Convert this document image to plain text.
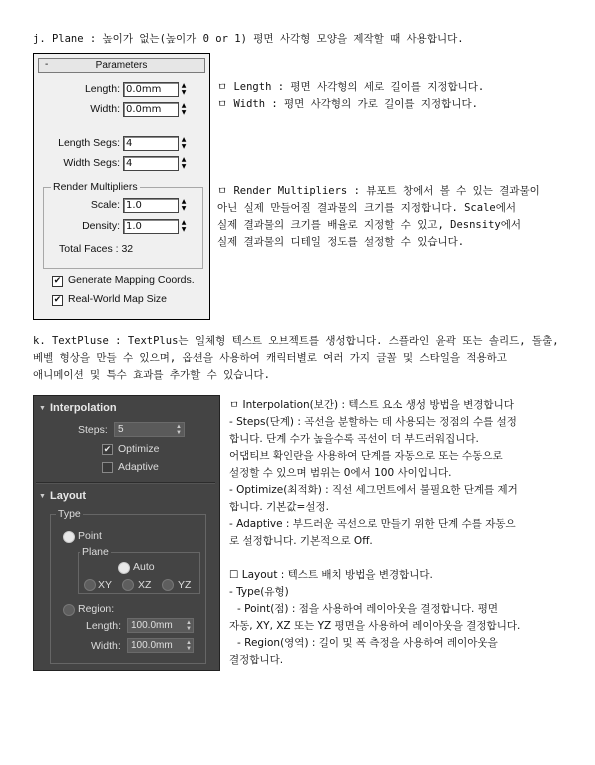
j. Plane : 높이가 없는(높이가 0 or 1) 평면 사각형 모양을 제작할 때 사용합니다.
-	Parameters
Length: 0.0mm	▲
▼
Width: 0.0mm	▲
▼
Length Segs: 4	▲
▼
Width Segs: 4	▲
▼
Render Multipliers
Scale: 1.0	▲
▼
Density: 1.0	▲
▼
Total Faces : 32
✔ Generate Mapping Coords.
✔ Real-World Map Size
ㅁ Length : 평면 사각형의 세로 길이를 지정합니다.
ㅁ Width : 평면 사각형의 가로 길이를 지정합니다.
ㅁ Render Multipliers : 뷰포트 창에서 볼 수 있는 결과물이
아닌 실제 만들어질 결과물의 크기를 지정합니다. Scale에서
실제 결과물의 크기를 배율로 지정할 수 있고, Desnsity에서
실제 결과물의 디테일 정도를 설정할 수 있습니다.
k. TextPluse : TextPlus는 일체형 텍스트 오브젝트를 생성합니다. 스플라인 윤곽 또는 솔리드, 돌출,
베벨 형상을 만들 수 있으며, 옵션을 사용하여 캐릭터별로 여러 가지 글꼴 및 스타일을 적용하고
애니메이션 및 특수 효과를 추가할 수 있습니다.
▼ Interpolation
Steps:	5	▲
▼
✔ Optimize
Adaptive
▼ Layout
Type
Point
Plane
Auto
XY XZ	YZ
Region:
Length: 100.0mm	▲
▼
Width:	100.0mm	▲
▼
ㅁ Interpolation(보간) : 텍스트 요소 생성 방법을 변경합니다
- Steps(단계) : 곡선을 분할하는 데 사용되는 정점의 수를 설정
합니다. 단계 수가 높을수록 곡선이 더 부드러워집니다.
어댑티브 확인란을 사용하여 단계를 자동으로 또는 수동으로
설정할 수 있으며 범위는 0에서 100 사이입니다.
- Optimize(최적화) : 직선 세그먼트에서 불필요한 단계를 제거
합니다. 기본값=설정.
- Adaptive : 부드러운 곡선으로 만들기 위한 단계 수를 자동으
로 설정합니다. 기본적으로 Off.
☐ Layout : 텍스트 배치 방법을 변경합니다.
- Type(유형)
- Point(점) : 점을 사용하여 레이아웃을 결정합니다. 평면
자동, XY, XZ 또는 YZ 평면을 사용하여 레이아웃을 결정합니다.
- Region(영역) : 길이 및 폭 측정을 사용하여 레이아웃을
결정합니다.
